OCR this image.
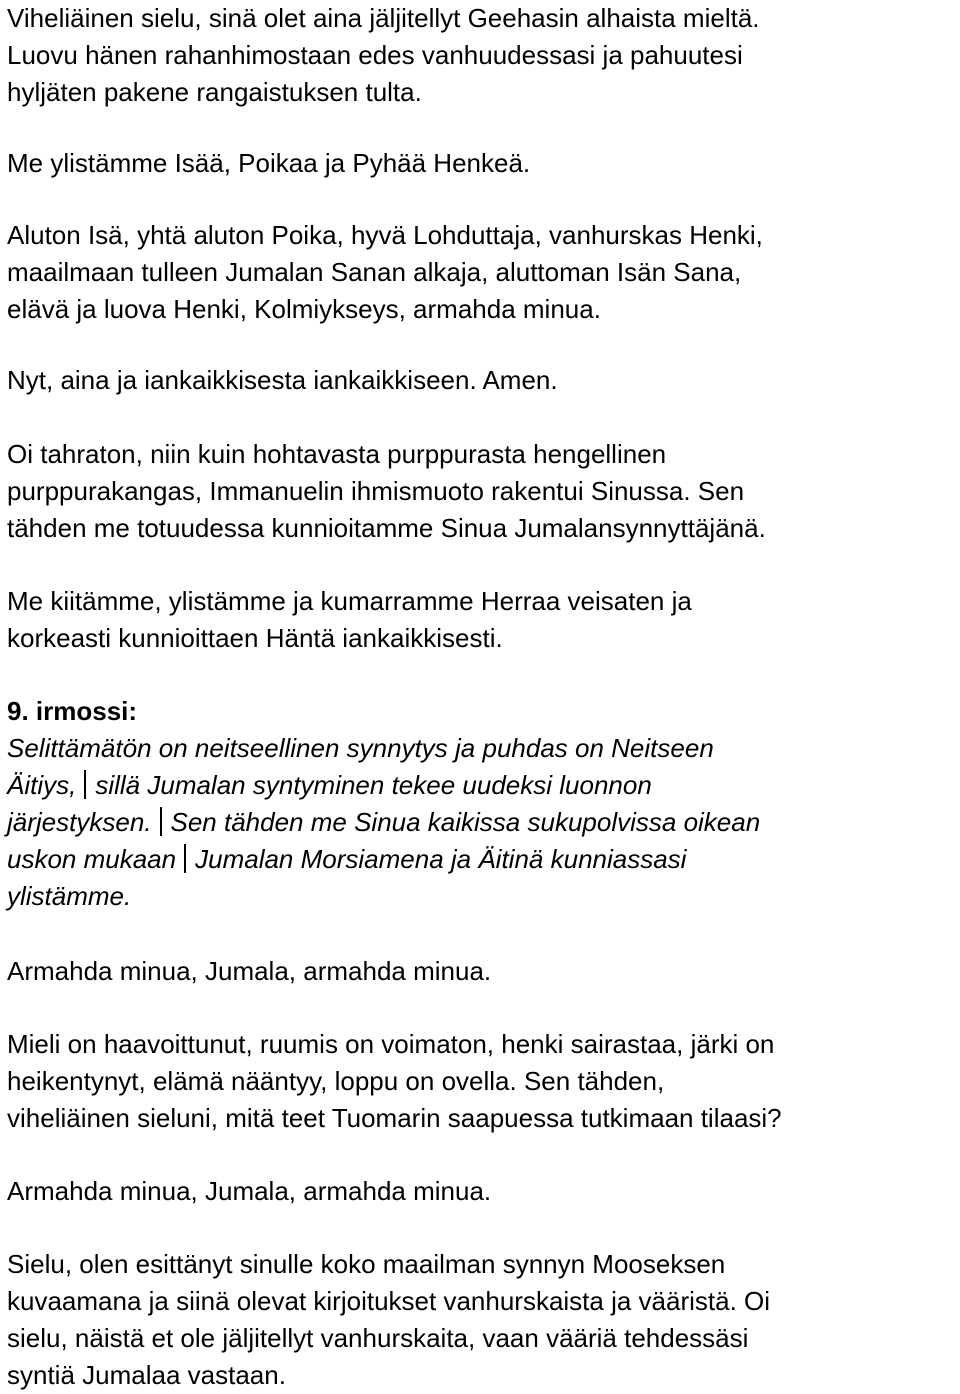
Viheliäinen sielu, sinä olet aina jäljitellyt Geehasin alhaista mieltä.
Luovu hänen rahanhimostaan edes vanhuudessasi ja pahuutesi
hyljäten pakene rangaistuksen tulta.

Me ylistämme Isää, Poikaa ja Pyhää Henkeä.

Aluton Isä, yhtä aluton Poika, hyvä Lohduttaja, vanhurskas Henki,
maailmaan tulleen Jumalan Sanan alkaja, aluttoman Isän Sana,
elävä ja luova Henki, Kolmiykseys, armahda minua.

Nyt, aina ja iankaikkisesta iankaikkiseen. Amen.

Oi tahraton, niin kuin hohtavasta purppurasta hengellinen
purppurakangas, Immanuelin ihmismuoto rakentui Sinussa. Sen
tähden me totuudessa kunnioitamme Sinua Jumalansynnyttäjänä.

Me kiitämme, ylistämme ja kumarramme Herraa veisaten ja
korkeasti kunnioittaen Häntä iankaikkisesti.

9. irmossi:

Selittämätön on neitseellinen synnytys ja puhdas on Neitseen
Äitiys, sillä Jumalan syntyminen tekee uudeksi luonnon
järjestyksen. Sen tähden me Sinua kaikissa sukupolvissa oikean
uskon mukaan Jumalan Morsiamena ja Äitinä kunniassasi
ylistämme.

Armahda minua, Jumala, armahda minua.

Mieli on haavoittunut, ruumis on voimaton, henki sairastaa, järki on
heikentynyt, elämä nääntyy, loppu on ovella. Sen tähden,
viheliäinen sieluni, mitä teet Tuomarin saapuessa tutkimaan tilaasi?

Armahda minua, Jumala, armahda minua.

Sielu, olen esittänyt sinulle koko maailman synnyn Mooseksen
kuvaamana ja siinä olevat kirjoitukset vanhurskaista ja vääristä. Oi
sielu, näistä et ole jäljitellyt vanhurskaita, vaan vääriä tehdessäsi
syntiä Jumalaa vastaan.
